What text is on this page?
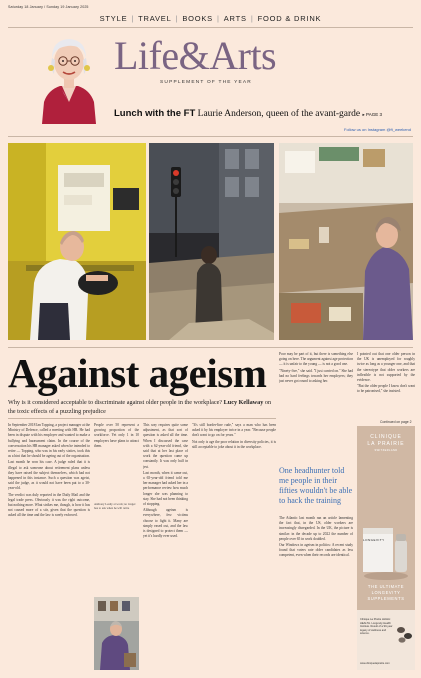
Saturday 18 January / Sunday 19 January 2025
STYLE | TRAVEL | BOOKS | ARTS | FOOD & DRINK
Life&Arts
SUPPLEMENT OF THE YEAR
Lunch with the FT Laurie Anderson, queen of the avant-garde ▸ PAGE 3
Follow us on Instagram @ft_weekend
Against ageism

Why is it considered acceptable to discriminate against older people in the workplace? Lucy Kellaway on the toxic effects of a puzzling prejudice

In September 2018 Ian Topping, a project manager at the Ministry of Defence, called a meeting with HR. He had been in dispute with his employer and wanted to make a bullying and harassment claim. In the course of the conversation his HR manager asked when he intended to retire — Topping, who was in his early sixties, took this as a hint that he should be ageing out of the organisation.

Last month he won his case. A judge ruled that it is illegal to ask someone about retirement plans unless they have raised the subject themselves, which had not happened in this instance. Such a question was ageist, said the judge, as it would not have been put to a 30-year-old.

The verdict was duly reported in the Daily Mail and the legal trade press. Obviously it was the right outcome, but nothing more. What strikes me, though, is how it has not caused more of a stir, given that the question is asked all the time and the law is rarely enforced.

People over 50 represent a growing proportion of the workforce. Yet only 1 in 10 employers have plans to attract them.

Anthony Leahy at work; no longer has to ask when he will retire

This way requires quite some adjustment, as that sort of question is asked all the time. When I discussed the case with a 62-year-old friend, she said that at her last place of work the question came up constantly. It was only half in jest.

Last month, when it came out, a 65-year-old friend told me her manager had asked her in a performance review how much longer she was planning to stay. She had not been thinking of stopping.

Although ageism is everywhere, few victims choose to fight it. Many are simply eased out, and the law is designed to protect them — yet it's hardly ever used.

"It's still border-line rude," says a man who has been asked it by his employer twice in a year. "Because people don't want to go on for years."

Not only is age the poor relation in diversity policies, it is still acceptable to joke about it in the workplace.

Poor may be part of it, but there is something else going on here. The argument against age protection — it is unfair to the young — is not a good one.

"Ninety-five," she said. "I just carried on." She had had no hard feelings towards her employers; they just never got round to asking her.

I pointed out that one older person in the UK is unemployed for roughly twice as long as a younger one, and that the stereotype that older workers are inflexible is not supported by the evidence.

"But the older people I know don't want to be patronised," she insisted.

Continued on page 2
One headhunter told me people in their fifties wouldn't be able to hack the training

The Atlantic last month ran an article lamenting the fact that, in the US, older workers are increasingly disregarded. In the UK, the picture is similar: in the decade up to 2022 the number of people over 65 in work doubled.

Our Windows in ageism in politics: A recent study found that voters rate older candidates as less competent, even when their records are identical.

CLINIQUE
LA PRAIRIE
SWITZERLAND
LONGEVITY
THE ULTIMATE LONGEVITY
SUPPLEMENTS
Clinique La Prairie Holistic HEALTH. Longevity Health Institute. Result of a 90-year legacy of wellness and science.
www.cliniquelaprairie.com
